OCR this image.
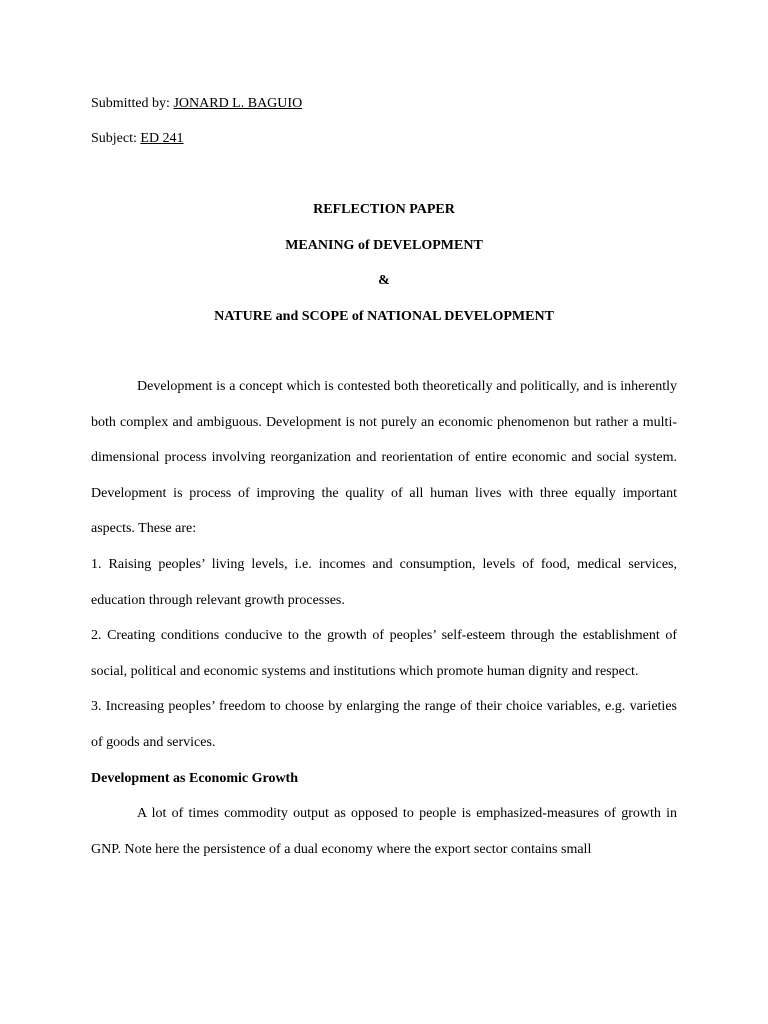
Submitted by: JONARD L. BAGUIO
Subject: ED 241
REFLECTION PAPER
MEANING of DEVELOPMENT
&
NATURE and SCOPE of NATIONAL DEVELOPMENT

Development is a concept which is contested both theoretically and politically, and is inherently both complex and ambiguous. Development is not purely an economic phenomenon but rather a multi-dimensional process involving reorganization and reorientation of entire economic and social system. Development is process of improving the quality of all human lives with three equally important aspects. These are:

1. Raising peoples’ living levels, i.e. incomes and consumption, levels of food, medical services, education through relevant growth processes.

2. Creating conditions conducive to the growth of peoples’ self-esteem through the establishment of social, political and economic systems and institutions which promote human dignity and respect.

3. Increasing peoples’ freedom to choose by enlarging the range of their choice variables, e.g. varieties of goods and services.

Development as Economic Growth

A lot of times commodity output as opposed to people is emphasized-measures of growth in GNP. Note here the persistence of a dual economy where the export sector contains small
